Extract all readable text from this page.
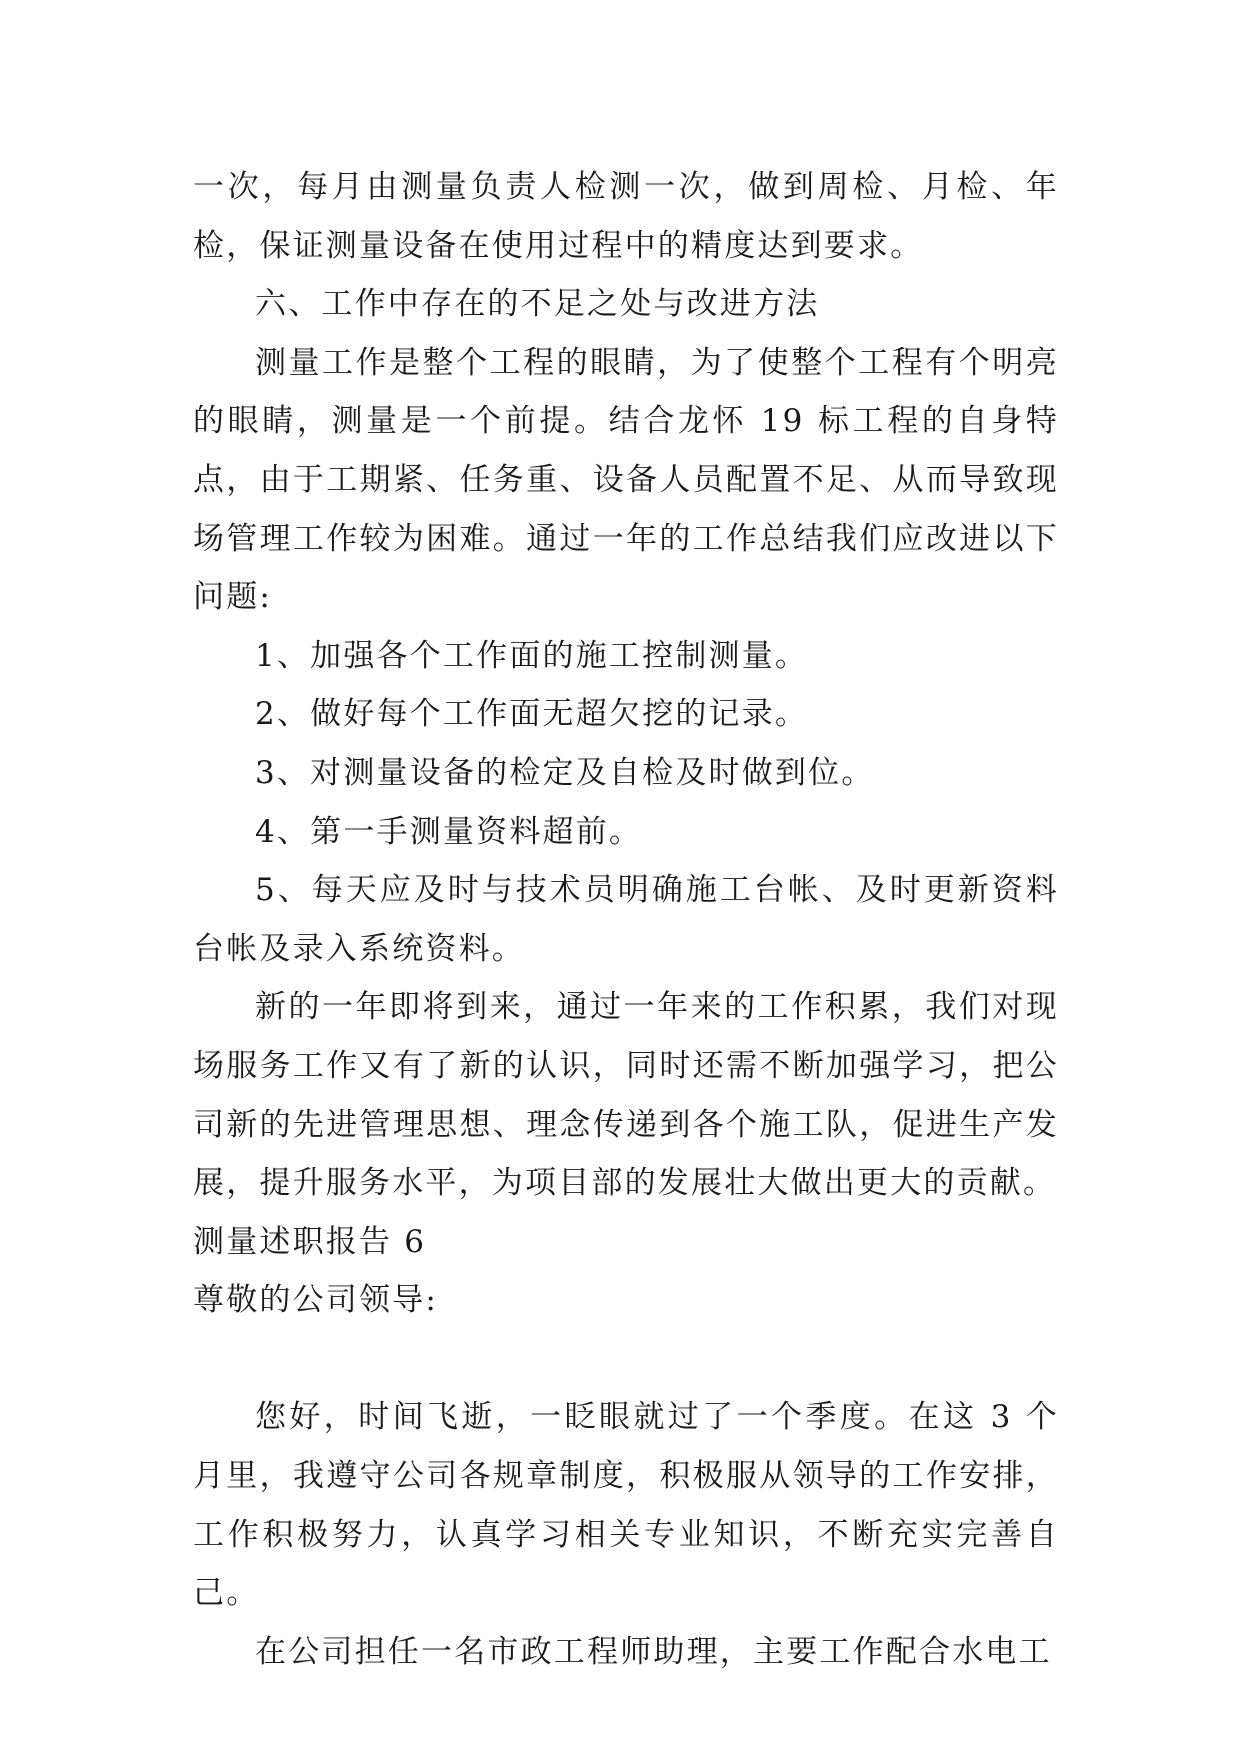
一次，每月由测量负责人检测一次，做到周检、月检、年检，保证测量设备在使用过程中的精度达到要求。

六、工作中存在的不足之处与改进方法

测量工作是整个工程的眼睛，为了使整个工程有个明亮的眼睛，测量是一个前提。结合龙怀 19 标工程的自身特点，由于工期紧、任务重、设备人员配置不足、从而导致现场管理工作较为困难。通过一年的工作总结我们应改进以下问题:

1、加强各个工作面的施工控制测量。

2、做好每个工作面无超欠挖的记录。

3、对测量设备的检定及自检及时做到位。

4、第一手测量资料超前。

5、每天应及时与技术员明确施工台帐、及时更新资料台帐及录入系统资料。

新的一年即将到来，通过一年来的工作积累，我们对现场服务工作又有了新的认识，同时还需不断加强学习，把公司新的先进管理思想、理念传递到各个施工队，促进生产发展，提升服务水平，为项目部的发展壮大做出更大的贡献。

测量述职报告 6

尊敬的公司领导:

您好，时间飞逝，一眨眼就过了一个季度。在这 3 个月里，我遵守公司各规章制度，积极服从领导的工作安排，工作积极努力，认真学习相关专业知识，不断充实完善自己。

在公司担任一名市政工程师助理，主要工作配合水电工
